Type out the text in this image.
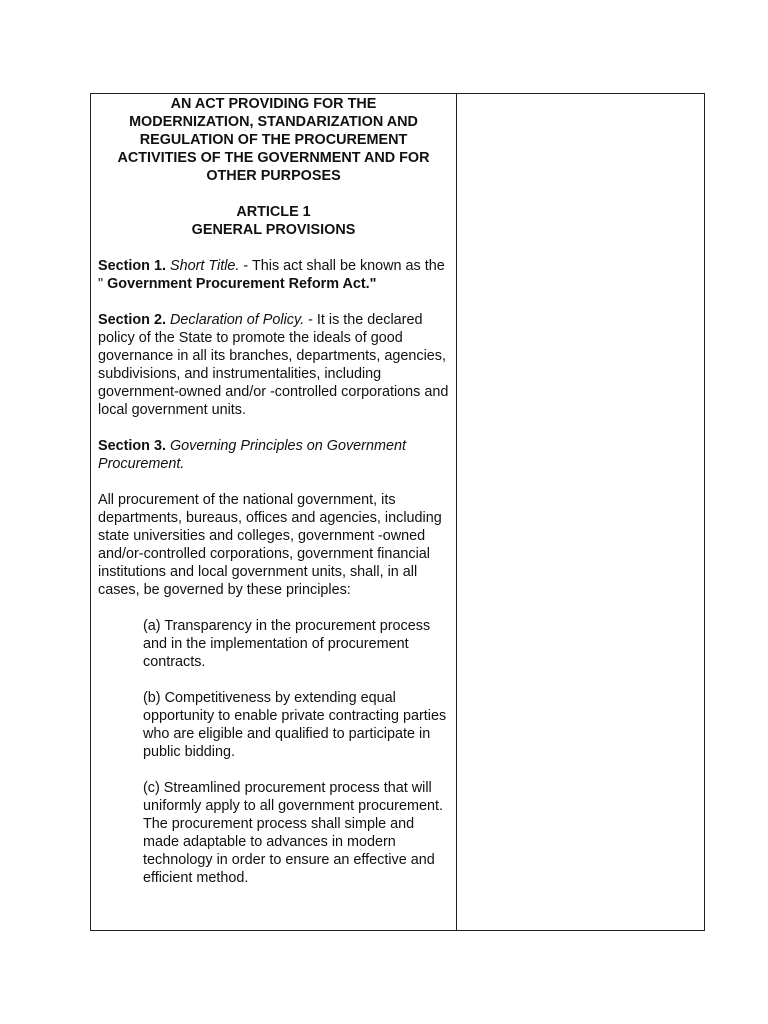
AN ACT PROVIDING FOR THE
MODERNIZATION, STANDARIZATION AND
REGULATION OF THE PROCUREMENT
ACTIVITIES OF THE GOVERNMENT AND FOR
OTHER PURPOSES
ARTICLE 1
GENERAL PROVISIONS

Section 1. Short Title. - This act shall be known as the " Government Procurement Reform Act."

Section 2. Declaration of Policy. - It is the declared policy of the State to promote the ideals of good governance in all its branches, departments, agencies, subdivisions, and instrumentalities, including government-owned and/or -controlled corporations and local government units.

Section 3. Governing Principles on Government Procurement.

All procurement of the national government, its departments, bureaus, offices and agencies, including state universities and colleges, government -owned and/or-controlled corporations, government financial institutions and local government units, shall, in all cases, be governed by these principles:

(a) Transparency in the procurement process and in the implementation of procurement contracts.

(b) Competitiveness by extending equal opportunity to enable private contracting parties who are eligible and qualified to participate in public bidding.

(c) Streamlined procurement process that will uniformly apply to all government procurement. The procurement process shall simple and made adaptable to advances in modern technology in order to ensure an effective and efficient method.
